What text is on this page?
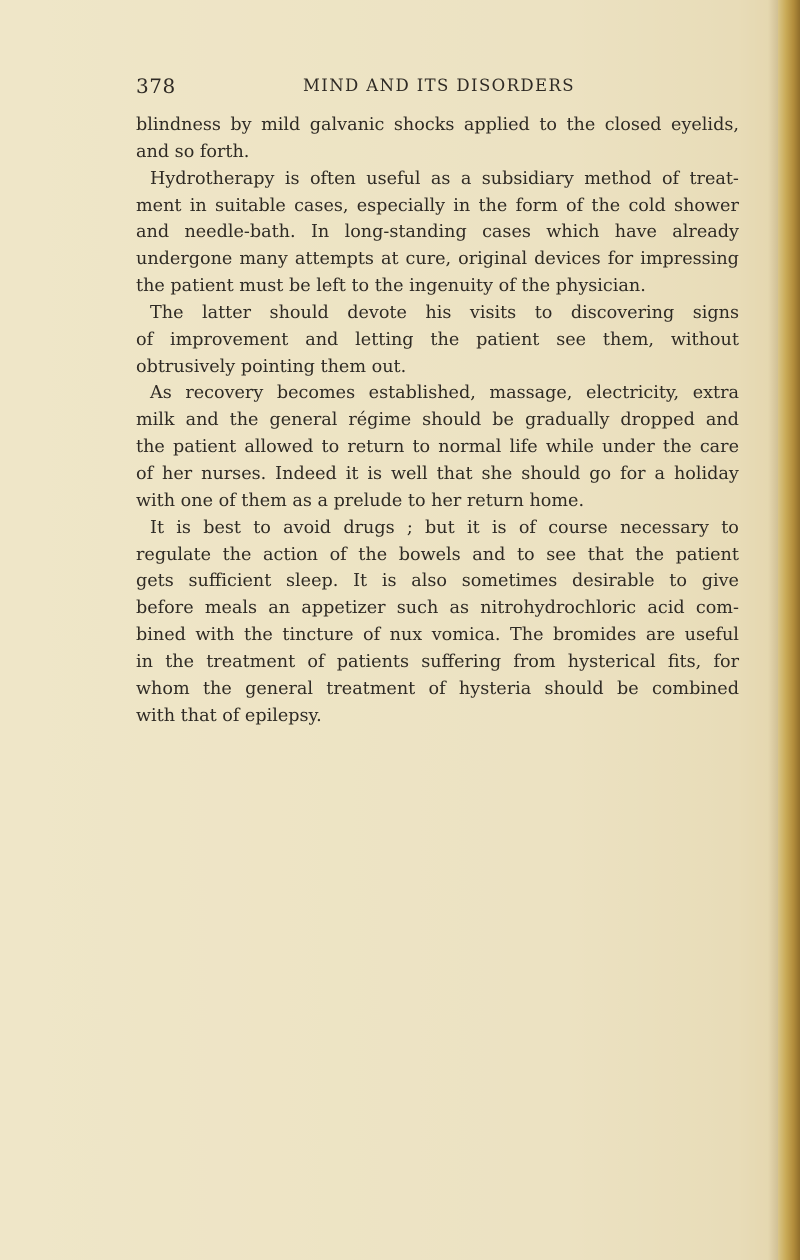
378	MIND AND ITS DISORDERS
blindness by mild galvanic shocks applied to the closed eyelids,
and so forth.
Hydrotherapy is often useful as a subsidiary method of treat-
ment in suitable cases, especially in the form of the cold shower
and needle-bath. In long-standing cases which have already
undergone many attempts at cure, original devices for impressing
the patient must be left to the ingenuity of the physician.
The latter should devote his visits to discovering signs
of improvement and letting the patient see them, without
obtrusively pointing them out.
As recovery becomes established, massage, electricity, extra
milk and the general régime should be gradually dropped and
the patient allowed to return to normal life while under the care
of her nurses. Indeed it is well that she should go for a holiday
with one of them as a prelude to her return home.
It is best to avoid drugs ; but it is of course necessary to
regulate the action of the bowels and to see that the patient
gets sufficient sleep. It is also sometimes desirable to give
before meals an appetizer such as nitrohydrochloric acid com-
bined with the tincture of nux vomica. The bromides are useful
in the treatment of patients suffering from hysterical fits, for
whom the general treatment of hysteria should be combined
with that of epilepsy.
